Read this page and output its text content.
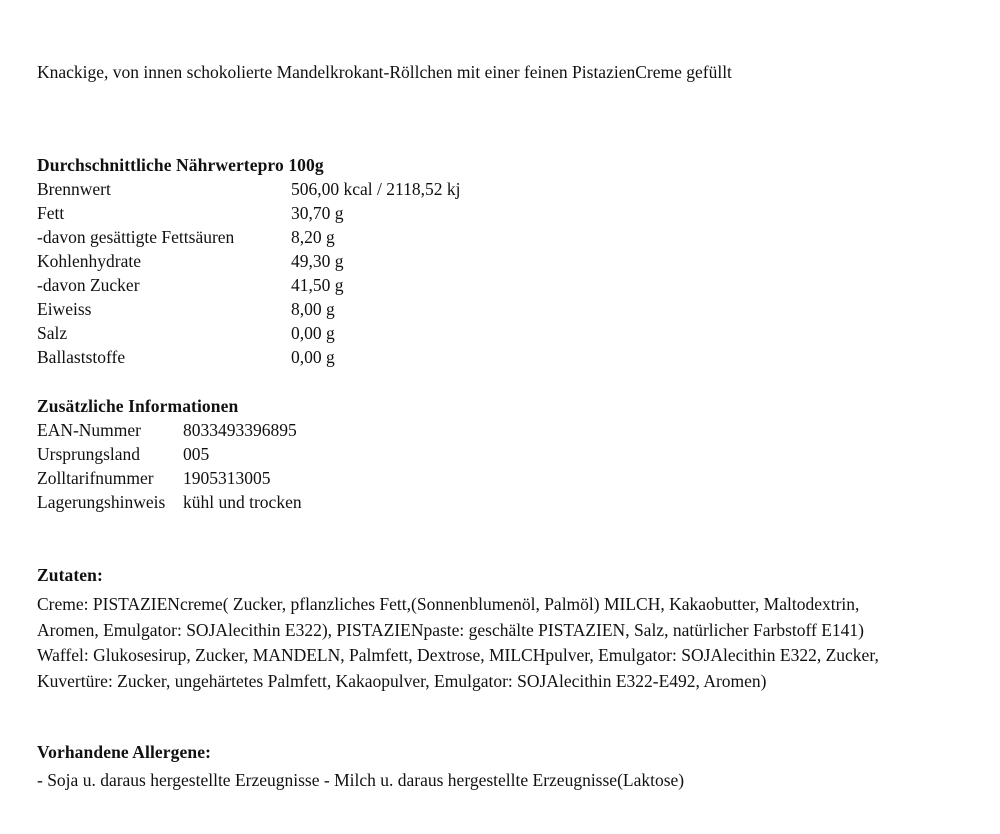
Knackige, von innen schokolierte Mandelkrokant-Röllchen mit einer feinen PistazienCreme gefüllt
Durchschnittliche Nährwertepro 100g
Brennwert	506,00 kcal / 2118,52 kj
Fett	30,70 g
-davon gesättigte Fettsäuren	8,20 g
Kohlenhydrate	49,30 g
-davon Zucker	41,50 g
Eiweiss	8,00 g
Salz	0,00 g
Ballaststoffe	0,00 g
Zusätzliche Informationen
EAN-Nummer	8033493396895
Ursprungsland	005
Zolltarifnummer	1905313005
Lagerungshinweis	kühl und trocken
Zutaten:
Creme: PISTAZIENcreme( Zucker, pflanzliches Fett,(Sonnenblumenöl, Palmöl) MILCH, Kakaobutter, Maltodextrin, Aromen, Emulgator: SOJAlecithin E322), PISTAZIENpaste: geschälte PISTAZIEN, Salz, natürlicher Farbstoff E141) Waffel: Glukosesirup, Zucker, MANDELN, Palmfett, Dextrose, MILCHpulver, Emulgator: SOJAlecithin E322, Zucker, Kuvertüre: Zucker, ungehärtetes Palmfett, Kakaopulver, Emulgator: SOJAlecithin E322-E492, Aromen)
Vorhandene Allergene:
- Soja u. daraus hergestellte Erzeugnisse - Milch u. daraus hergestellte Erzeugnisse(Laktose)
